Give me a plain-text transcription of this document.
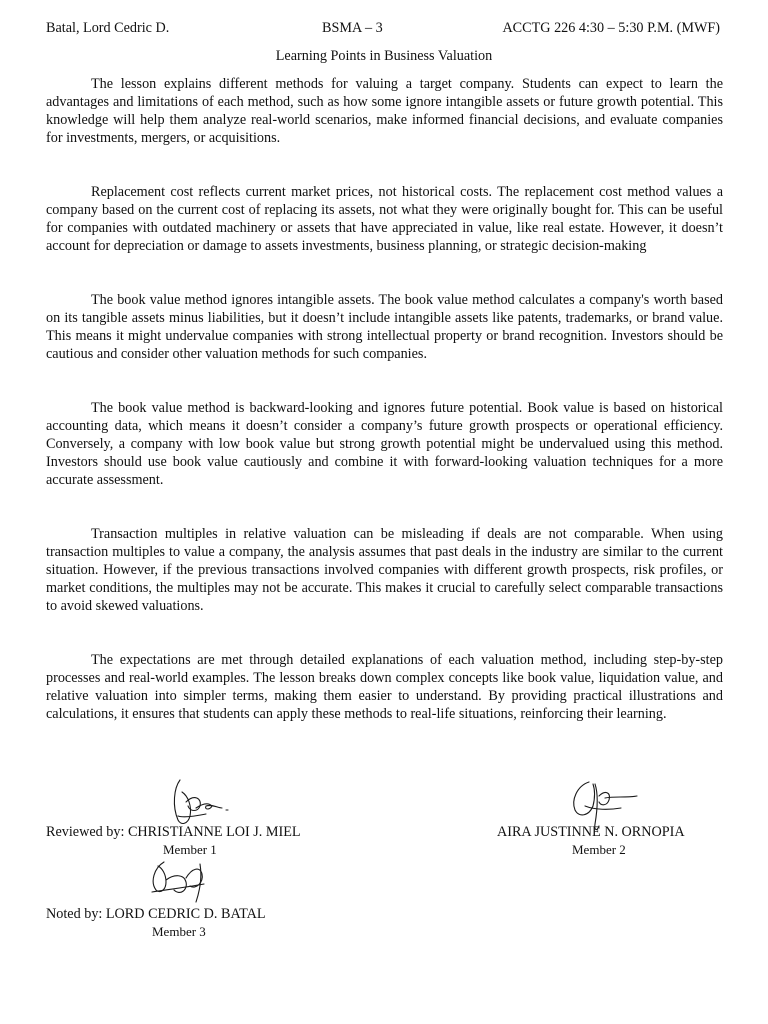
Batal, Lord Cedric D.	BSMA – 3	ACCTG 226 4:30 – 5:30 P.M. (MWF)
Learning Points in Business Valuation

The lesson explains different methods for valuing a target company. Students can expect to learn the advantages and limitations of each method, such as how some ignore intangible assets or future growth potential. This knowledge will help them analyze real-world scenarios, make informed financial decisions, and evaluate companies for investments, mergers, or acquisitions.

Replacement cost reflects current market prices, not historical costs. The replacement cost method values a company based on the current cost of replacing its assets, not what they were originally bought for. This can be useful for companies with outdated machinery or assets that have appreciated in value, like real estate. However, it doesn’t account for depreciation or damage to assets investments, business planning, or strategic decision-making

The book value method ignores intangible assets. The book value method calculates a company's worth based on its tangible assets minus liabilities, but it doesn’t include intangible assets like patents, trademarks, or brand value. This means it might undervalue companies with strong intellectual property or brand recognition. Investors should be cautious and consider other valuation methods for such companies.

The book value method is backward-looking and ignores future potential. Book value is based on historical accounting data, which means it doesn’t consider a company’s future growth prospects or operational efficiency. Conversely, a company with low book value but strong growth potential might be undervalued using this method. Investors should use book value cautiously and combine it with forward-looking valuation techniques for a more accurate assessment.

Transaction multiples in relative valuation can be misleading if deals are not comparable. When using transaction multiples to value a company, the analysis assumes that past deals in the industry are similar to the current situation. However, if the previous transactions involved companies with different growth prospects, risk profiles, or market conditions, the multiples may not be accurate. This makes it crucial to carefully select comparable transactions to avoid skewed valuations.

The expectations are met through detailed explanations of each valuation method, including step-by-step processes and real-world examples. The lesson breaks down complex concepts like book value, liquidation value, and relative valuation into simpler terms, making them easier to understand. By providing practical illustrations and calculations, it ensures that students can apply these methods to real-life situations, reinforcing their learning.

Reviewed by: CHRISTIANNE LOI J. MIEL
Member 1
AIRA JUSTINNE N. ORNOPIA
Member 2
Noted by: LORD CEDRIC D. BATAL
Member 3
